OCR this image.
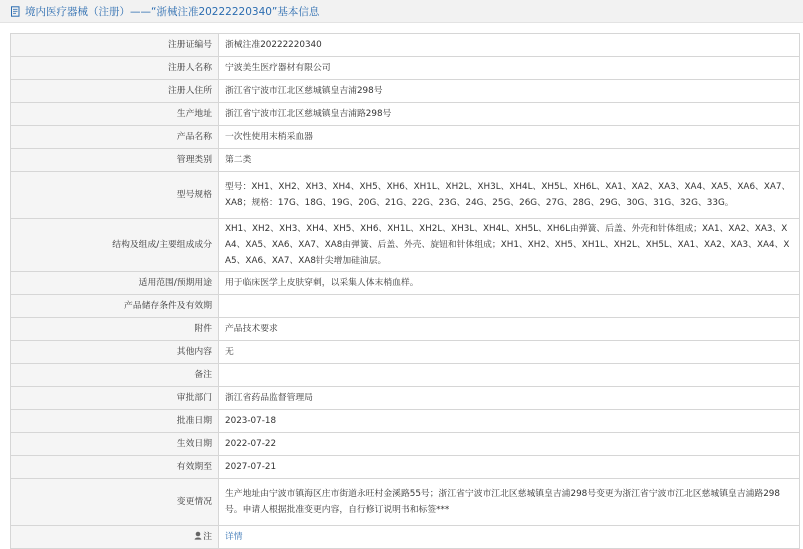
境内医疗器械（注册）——“浙械注准20222220340”基本信息
注册证编号	浙械注准20222220340
注册人名称	宁波美生医疗器材有限公司
注册人住所	浙江省宁波市江北区慈城镇皇吉浦298号
生产地址	浙江省宁波市江北区慈城镇皇吉浦路298号
产品名称	一次性使用末梢采血器
管理类别	第二类
型号规格	型号：XH1、XH2、XH3、XH4、XH5、XH6、XH1L、XH2L、XH3L、XH4L、XH5L、XH6L、XA1、XA2、XA3、XA4、XA5、XA6、XA7、XA8；规格：17G、18G、19G、20G、21G、22G、23G、24G、25G、26G、27G、28G、29G、30G、31G、32G、33G。
结构及组成/主要组成成分	XH1、XH2、XH3、XH4、XH5、XH6、XH1L、XH2L、XH3L、XH4L、XH5L、XH6L由弹簧、后盖、外壳和针体组成；XA1、XA2、XA3、XA4、XA5、XA6、XA7、XA8由弹簧、后盖、外壳、旋钮和针体组成；XH1、XH2、XH5、XH1L、XH2L、XH5L、XA1、XA2、XA3、XA4、XA5、XA6、XA7、XA8针尖增加硅油层。
适用范围/预期用途	用于临床医学上皮肤穿刺，以采集人体末梢血样。
产品储存条件及有效期	
附件	产品技术要求
其他内容	无
备注	
审批部门	浙江省药品监督管理局
批准日期	2023-07-18
生效日期	2022-07-22
有效期至	2027-07-21
变更情况	生产地址由宁波市镇海区庄市街道永旺村金溪路55号；浙江省宁波市江北区慈城镇皇吉浦298号变更为浙江省宁波市江北区慈城镇皇吉浦路298号。申请人根据批准变更内容，自行修订说明书和标签***

注	详情
